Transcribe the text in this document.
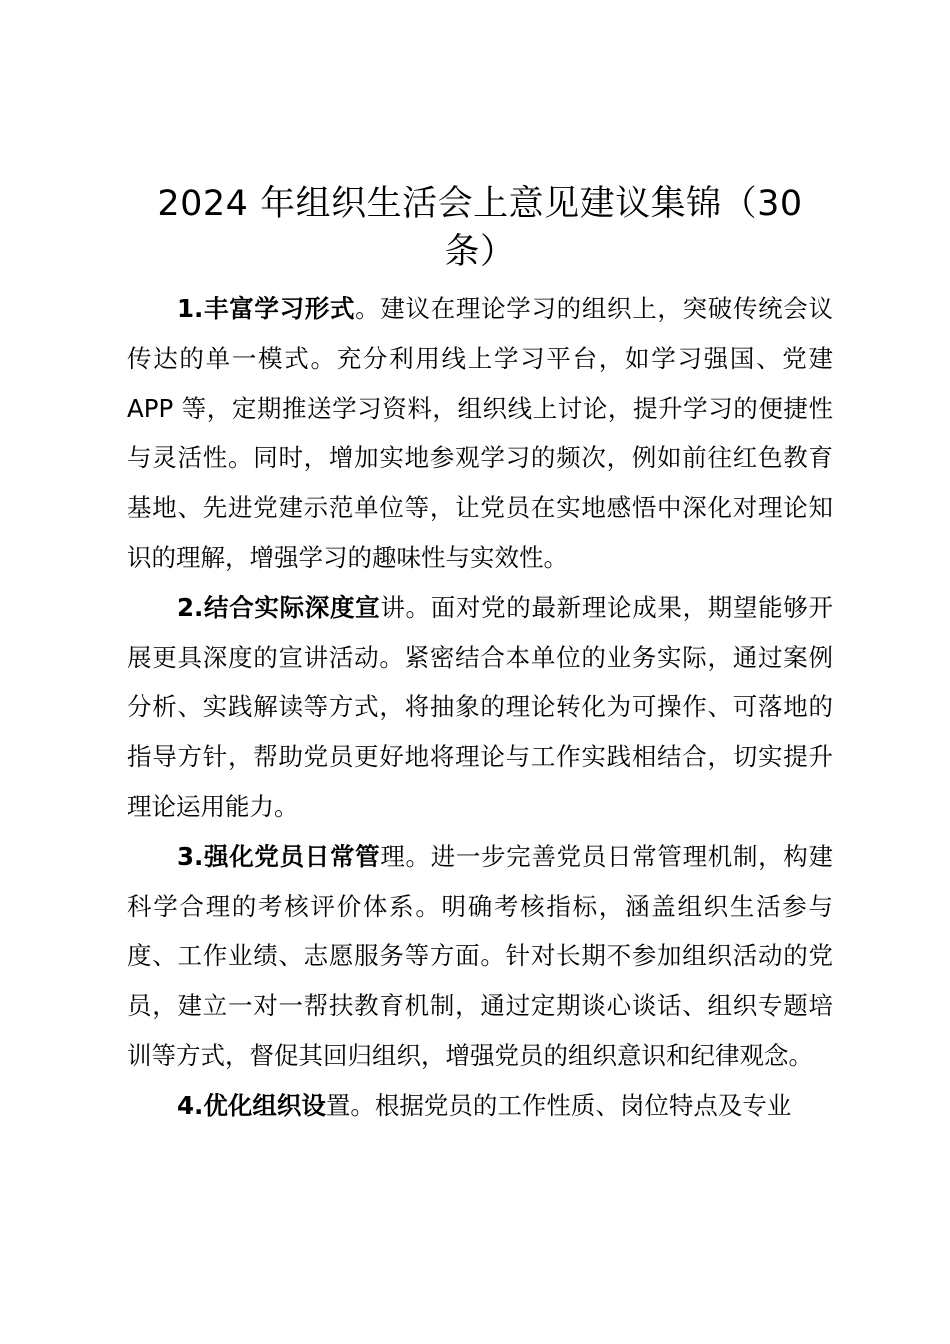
2024 年组织生活会上意见建议集锦（30 条）

1.丰富学习形式。建议在理论学习的组织上，突破传统会议传达的单一模式。充分利用线上学习平台，如学习强国、党建 APP 等，定期推送学习资料，组织线上讨论，提升学习的便捷性与灵活性。同时，增加实地参观学习的频次，例如前往红色教育基地、先进党建示范单位等，让党员在实地感悟中深化对理论知识的理解，增强学习的趣味性与实效性。

2.结合实际深度宣讲。面对党的最新理论成果，期望能够开展更具深度的宣讲活动。紧密结合本单位的业务实际，通过案例分析、实践解读等方式，将抽象的理论转化为可操作、可落地的指导方针，帮助党员更好地将理论与工作实践相结合，切实提升理论运用能力。

3.强化党员日常管理。进一步完善党员日常管理机制，构建科学合理的考核评价体系。明确考核指标，涵盖组织生活参与度、工作业绩、志愿服务等方面。针对长期不参加组织活动的党员，建立一对一帮扶教育机制，通过定期谈心谈话、组织专题培训等方式，督促其回归组织，增强党员的组织意识和纪律观念。

4.优化组织设置。根据党员的工作性质、岗位特点及专业
